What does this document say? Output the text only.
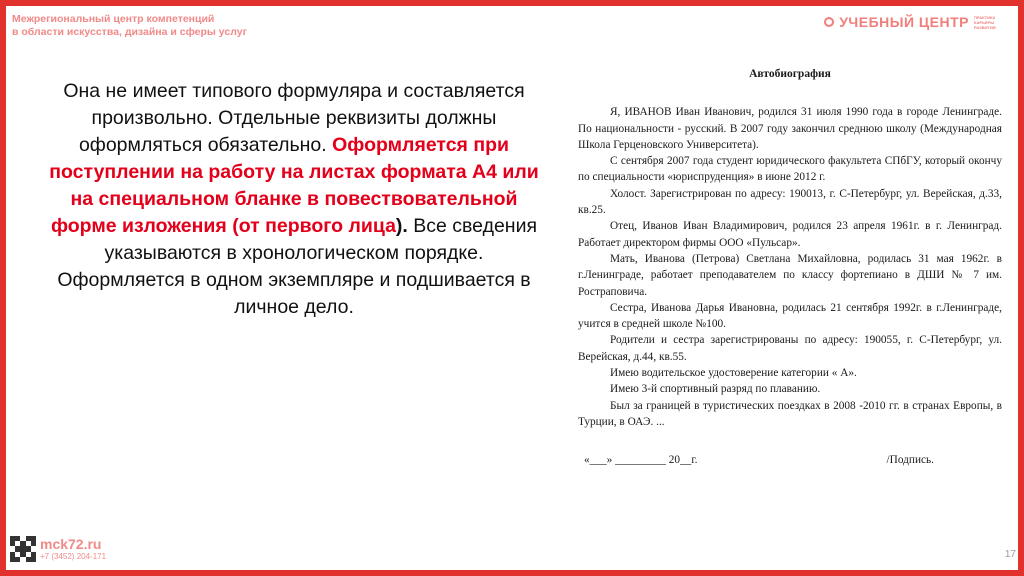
Межрегиональный центр компетенций
в области искусства, дизайна и сферы услуг
УЧЕБНЫЙ ЦЕНТР ПРАКТИКА КАРЬЕРЫ РАЗВИТИЯ

Она не имеет типового формуляра и составляется произвольно. Отдельные реквизиты должны оформляться обязательно. Оформляется при поступлении на работу на листах формата А4 или на специальном бланке в повествовательной форме изложения (от первого лица). Все сведения указываются в хронологическом порядке.

Оформляется в одном экземпляре и подшивается в личное дело.

Автобиография

Я, ИВАНОВ Иван Иванович, родился 31 июля 1990 года в городе Ленинграде. По национальности - русский. В 2007 году закончил среднюю школу (Международная Школа Герценовского Университета).

С сентября 2007 года студент юридического факультета СПбГУ, который окончу по специальности «юриспруденция» в июне 2012 г.

Холост. Зарегистрирован по адресу: 190013, г. С-Петербург, ул. Верейская, д.33, кв.25.

Отец, Иванов Иван Владимирович, родился 23 апреля 1961г. в г. Ленинград. Работает директором фирмы ООО «Пульсар».

Мать, Иванова (Петрова) Светлана Михайловна, родилась 31 мая 1962г. в г.Ленинграде, работает преподавателем по классу фортепиано в ДШИ № 7 им. Ростраповича.

Сестра, Иванова Дарья Ивановна, родилась 21 сентября 1992г. в г.Ленинграде, учится в средней школе №100.

Родители и сестра зарегистрированы по адресу: 190055, г. С-Петербург, ул. Верейская, д.44, кв.55.

Имею водительское удостоверение категории « А».

Имею 3-й спортивный разряд по плаванию.

Был за границей в туристических поездках в 2008 -2010 гг. в странах Европы, в Турции, в ОАЭ. ...

«___» _________ 20__г.	/Подпись.
mck72.ru
+7 (3452) 204-171	17
